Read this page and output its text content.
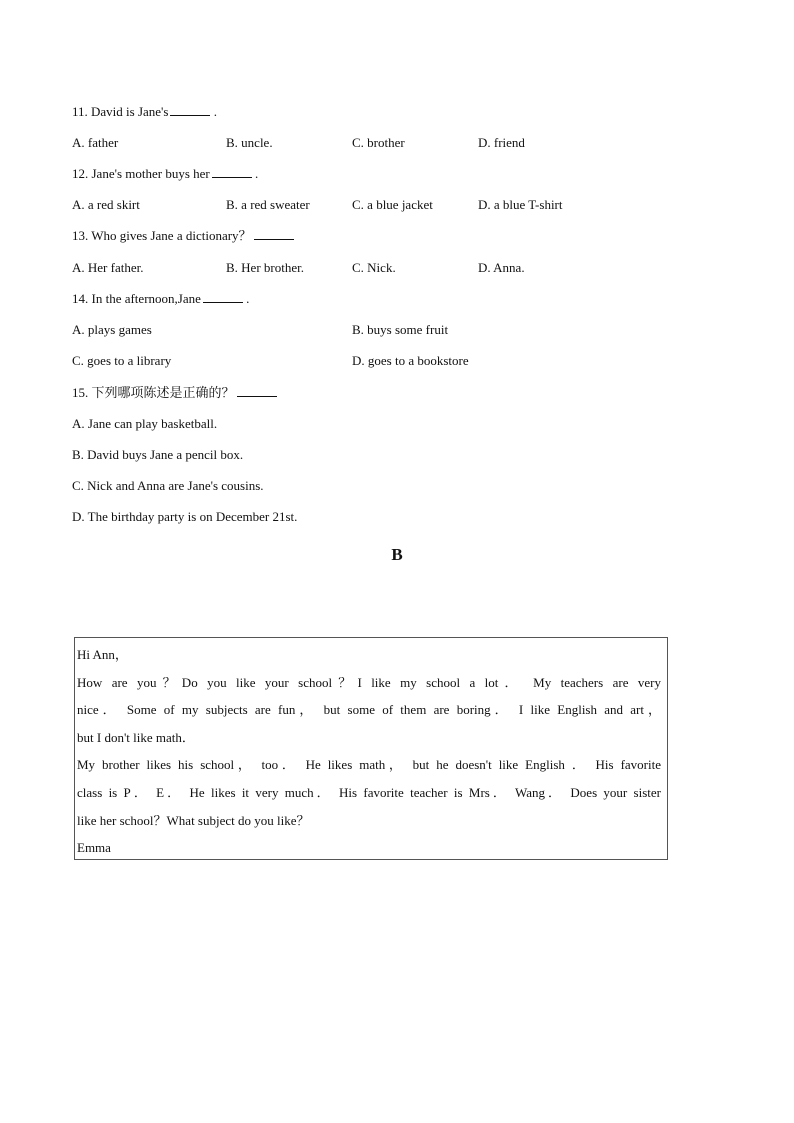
11. David is Jane's	.
A. father	B. uncle.	C. brother	D. friend
12. Jane's mother buys her	.
A. a red skirt	B. a red sweater	C. a blue jacket	D. a blue T-shirt
13. Who gives Jane a dictionary？
A. Her father.	B. Her brother.	C. Nick.	D. Anna.
14. In the afternoon,Jane	.
A. plays games	B. buys some fruit
C. goes to a library	D. goes to a bookstore
15. 下列哪项陈述是正确的？
A. Jane can play basketball.
B. David buys Jane a pencil box.
C. Nick and Anna are Jane's cousins.
D. The birthday party is on December 21st.
B
Hi Ann，
How are you？Do you like your school？I like my school a lot． My teachers are very
nice． Some of my subjects are fun， but some of them are boring． I like English and art，
but I don't like math．
My brother likes his school， too． He likes math， but he doesn't like English ． His favorite
class is P． E． He likes it very much． His favorite teacher is Mrs． Wang． Does your sister
like her school？What subject do you like？
Emma
